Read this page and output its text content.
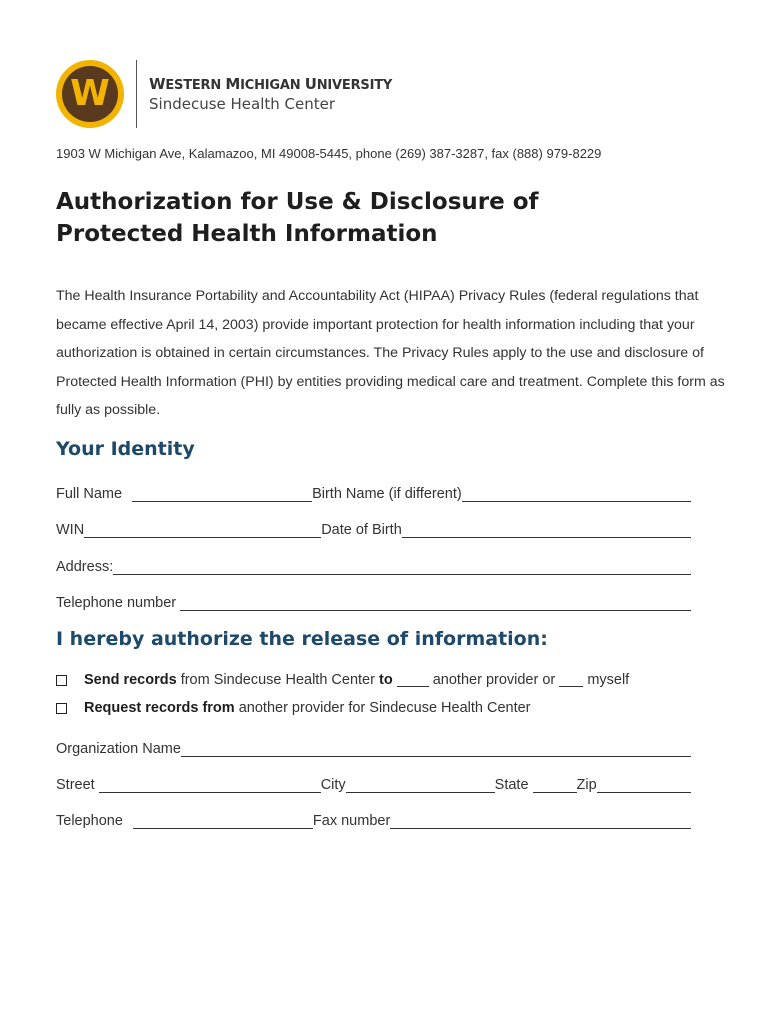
W	WESTERN MICHIGAN UNIVERSITY
Sindecuse Health Center
1903 W Michigan Ave, Kalamazoo, MI 49008-5445, phone (269) 387-3287, fax (888) 979-8229
Authorization for Use & Disclosure of
Protected Health Information
The Health Insurance Portability and Accountability Act (HIPAA) Privacy Rules (federal regulations that became effective April 14, 2003) provide important protection for health information including that your authorization is obtained in certain circumstances. The Privacy Rules apply to the use and disclosure of Protected Health Information (PHI) by entities providing medical care and treatment. Complete this form as fully as possible.
Your Identity
Full Name	Birth Name (if different)
WIN	Date of Birth
Address:
Telephone number
I hereby authorize the release of information:
Send records
from Sindecuse Health Center
to

	another provider or

myself
Request records from
another provider for Sindecuse Health Center
Organization Name
Street	City	State	Zip
Telephone	Fax number
